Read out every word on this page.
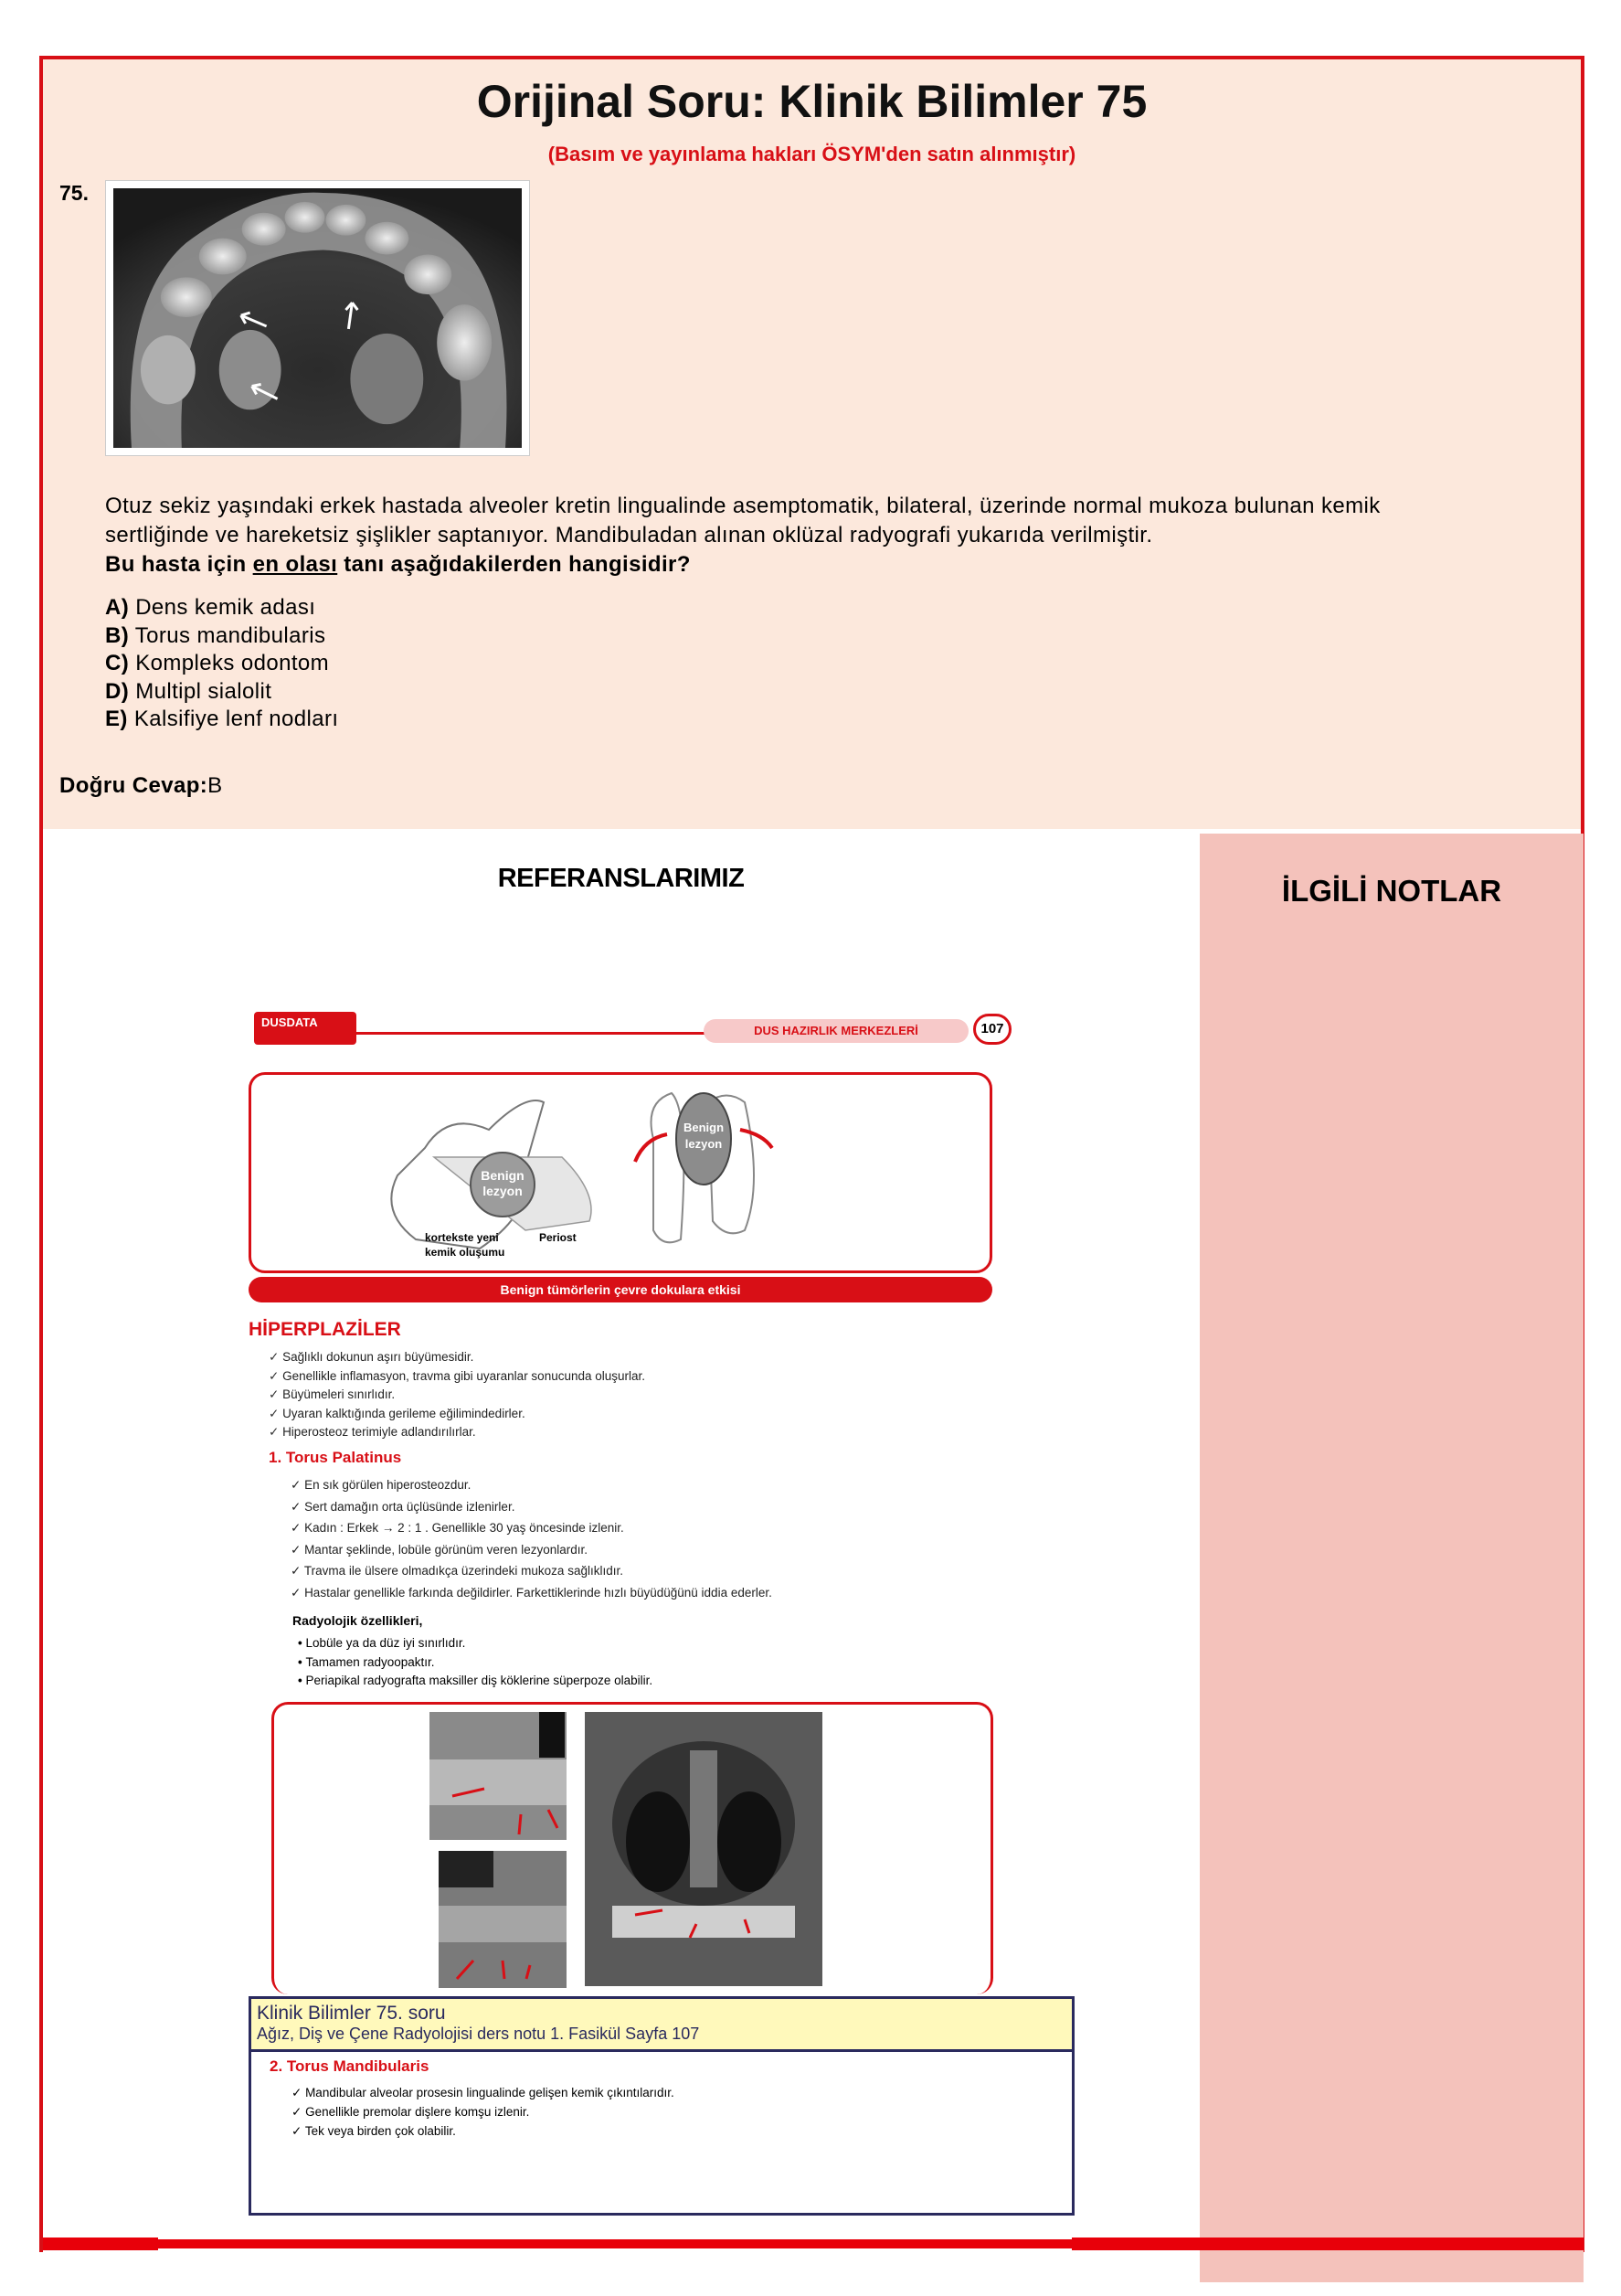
Orijinal Soru: Klinik Bilimler 75
(Basım ve yayınlama hakları ÖSYM'den satın alınmıştır)
75.
Otuz sekiz yaşındaki erkek hastada alveoler kretin lingualinde asemptomatik, bilateral, üzerinde normal mukoza bulunan kemik
sertliğinde ve hareketsiz şişlikler saptanıyor. Mandibuladan alınan oklüzal radyografi yukarıda verilmiştir.
Bu hasta için en olası tanı aşağıdakilerden hangisidir?
A) Dens kemik adası
B) Torus mandibularis
C) Kompleks odontom
D) Multipl sialolit
E) Kalsifiye lenf nodları
Doğru Cevap:B
REFERANSLARIMIZ	İLGİLİ NOTLAR
DUSDATA
DUS HAZIRLIK MERKEZLERİ	107
Benign
lezyon
kortekste yeni
kemik oluşumu
Periost
Benign
lezyon
Benign tümörlerin çevre dokulara etkisi
HİPERPLAZİLER
✓ Sağlıklı dokunun aşırı büyümesidir.
✓ Genellikle inflamasyon, travma gibi uyaranlar sonucunda oluşurlar.
✓ Büyümeleri sınırlıdır.
✓ Uyaran kalktığında gerileme eğilimindedirler.
✓ Hiperosteoz terimiyle adlandırılırlar.
1. Torus Palatinus
✓ En sık görülen hiperosteozdur.
✓ Sert damağın orta üçlüsünde izlenirler.
✓ Kadın : Erkek → 2 : 1 . Genellikle 30 yaş öncesinde izlenir.
✓ Mantar şeklinde, lobüle görünüm veren lezyonlardır.
✓ Travma ile ülsere olmadıkça üzerindeki mukoza sağlıklıdır.
✓ Hastalar genellikle farkında değildirler. Farkettiklerinde hızlı büyüdüğünü iddia ederler.
Radyolojik özellikleri,
• Lobüle ya da düz iyi sınırlıdır.
• Tamamen radyoopaktır.
• Periapikal radyografta maksiller diş köklerine süperpoze olabilir.
Klinik Bilimler 75. soru
Ağız, Diş ve Çene Radyolojisi ders notu 1. Fasikül Sayfa 107
2. Torus Mandibularis
✓ Mandibular alveolar prosesin lingualinde gelişen kemik çıkıntılarıdır.
✓ Genellikle premolar dişlere komşu izlenir.
✓ Tek veya birden çok olabilir.
